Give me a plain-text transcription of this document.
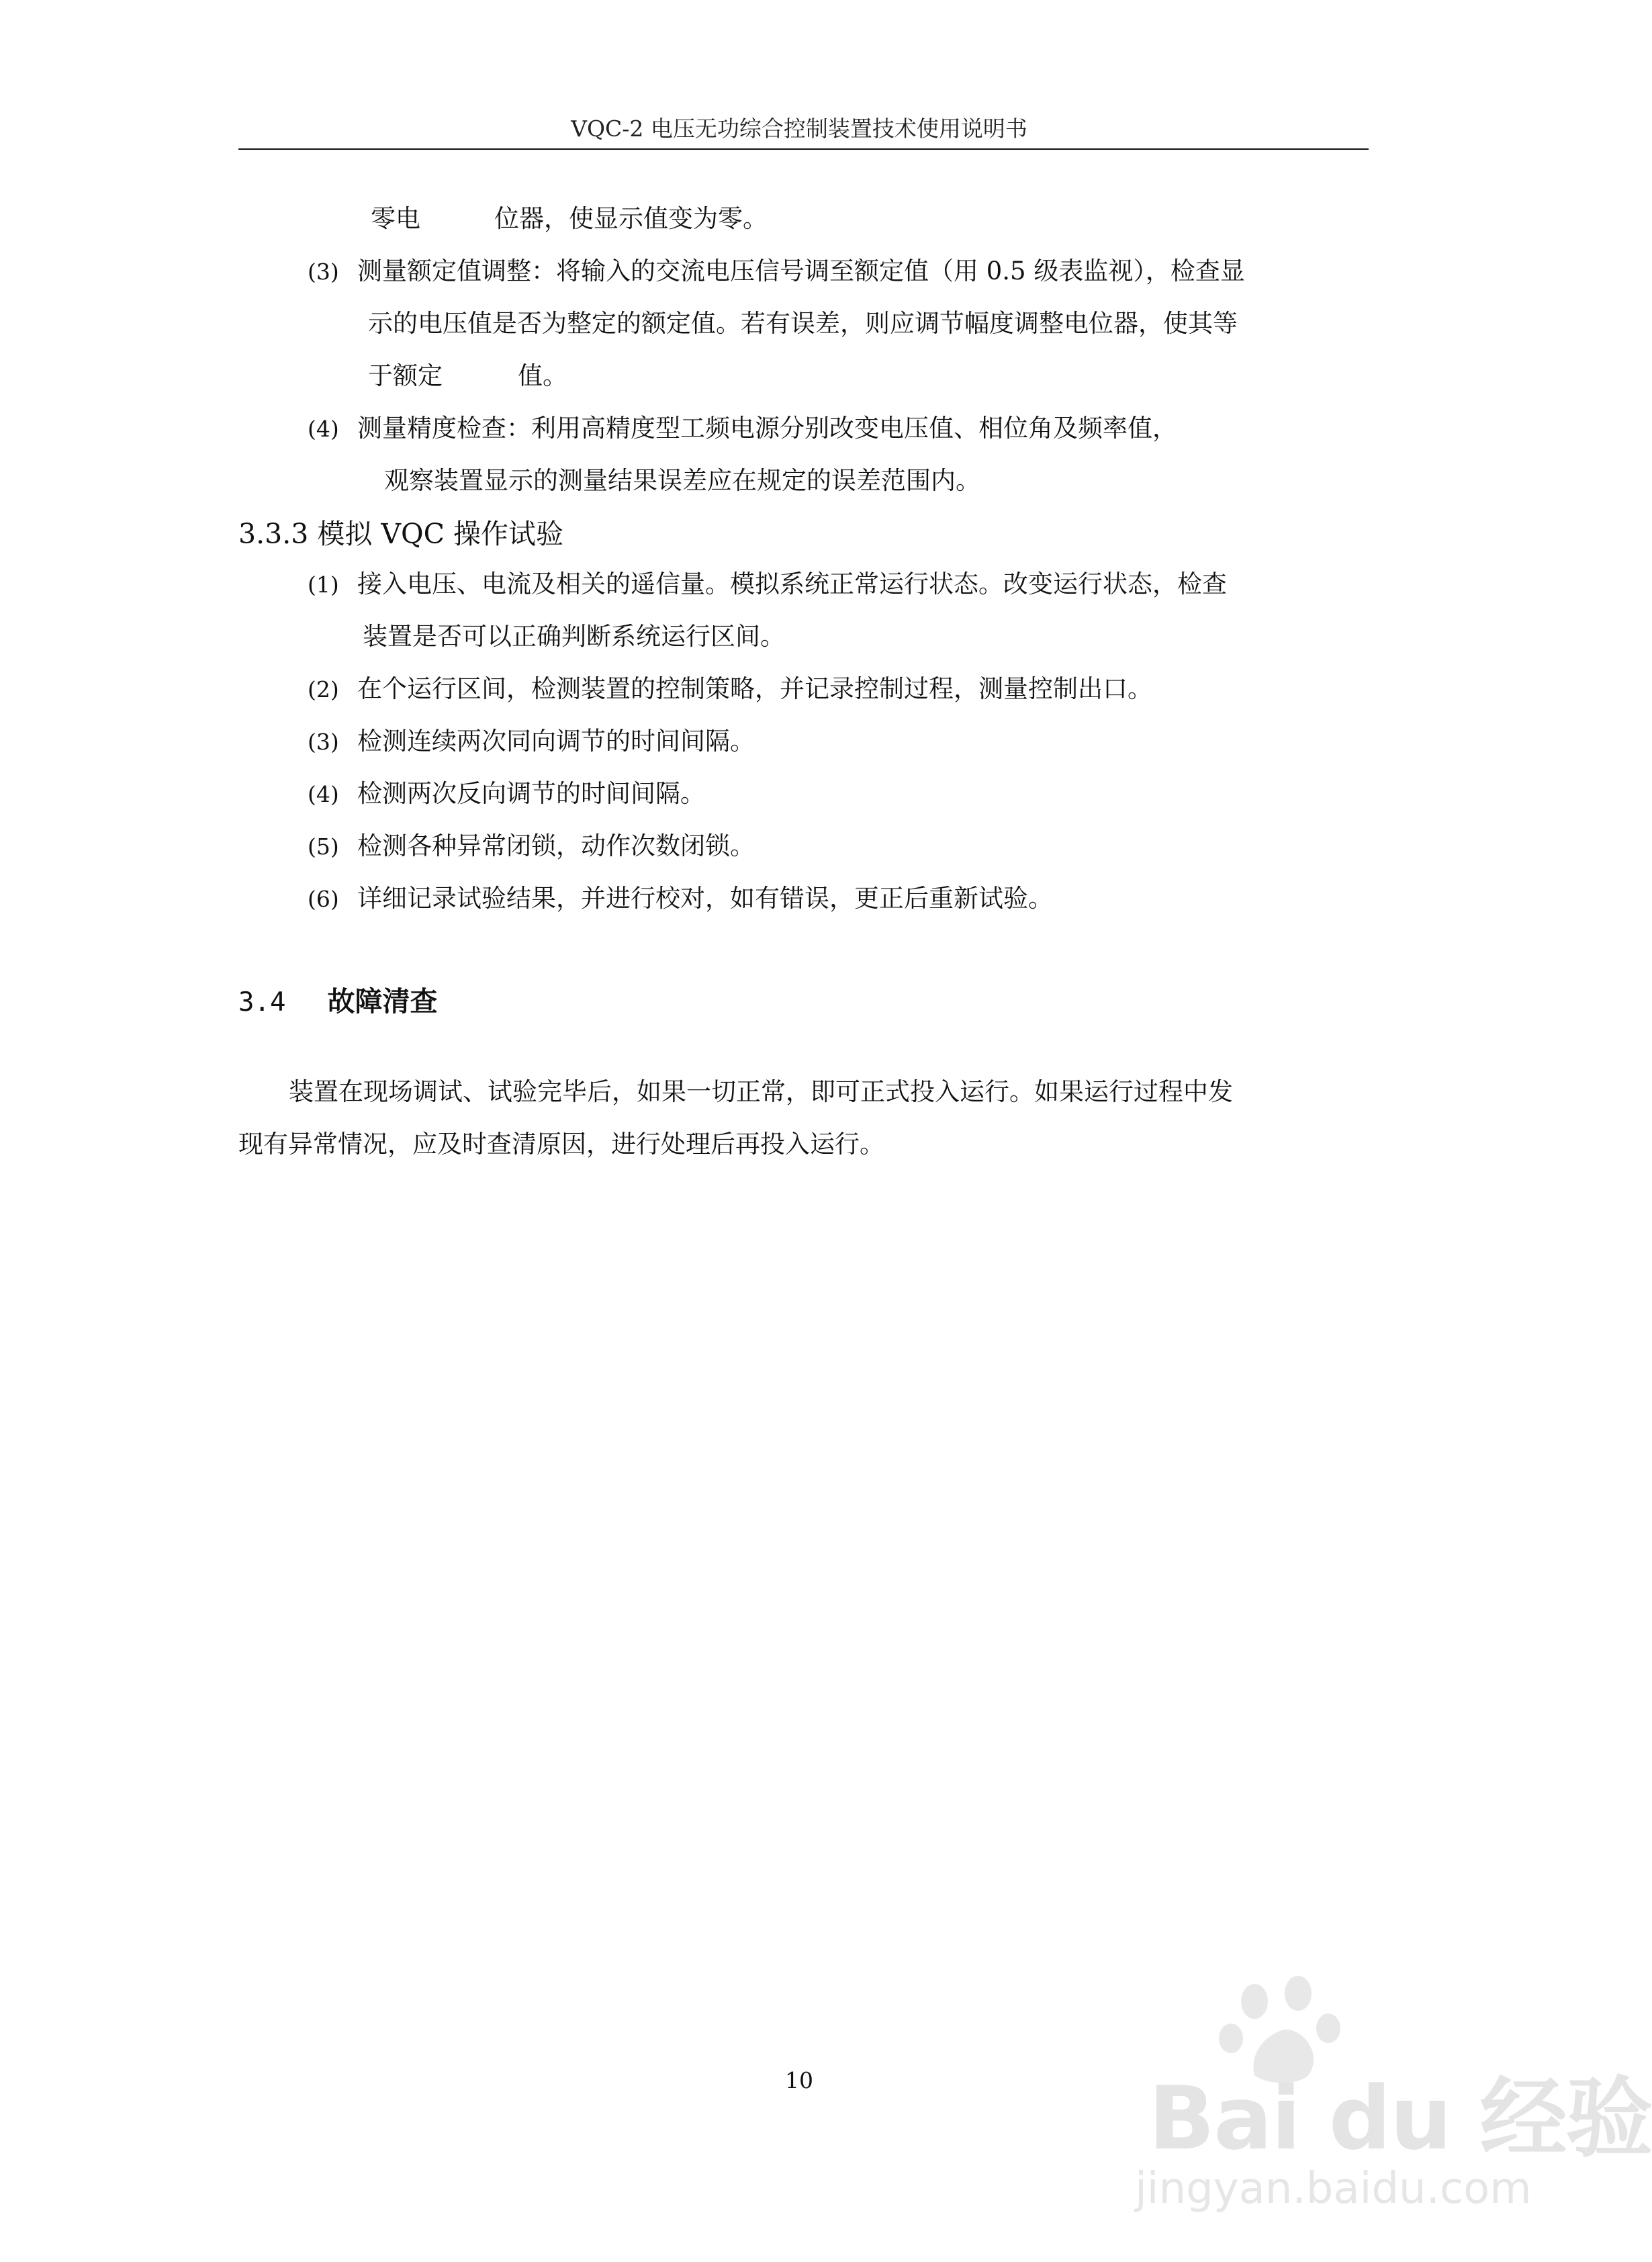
VQC-2 电压无功综合控制装置技术使用说明书
零电	位器，使显示值变为零。
(3) 测量额定值调整：将输入的交流电压信号调至额定值（用 0.5 级表监视），检查显
示的电压值是否为整定的额定值。若有误差，则应调节幅度调整电位器，使其等
于额定	值。
(4) 测量精度检查：利用高精度型工频电源分别改变电压值、相位角及频率值，
观察装置显示的测量结果误差应在规定的误差范围内。
3.3.3 模拟 VQC 操作试验
(1) 接入电压、电流及相关的遥信量。模拟系统正常运行状态。改变运行状态，检查
装置是否可以正确判断系统运行区间。
(2) 在个运行区间，检测装置的控制策略，并记录控制过程，测量控制出口。
(3) 检测连续两次同向调节的时间间隔。
(4) 检测两次反向调节的时间间隔。
(5) 检测各种异常闭锁，动作次数闭锁。
(6) 详细记录试验结果，并进行校对，如有错误，更正后重新试验。
3.4 故障清查
装置在现场调试、试验完毕后，如果一切正常，即可正式投入运行。如果运行过程中发
现有异常情况，应及时查清原因，进行处理后再投入运行。
10	Bai du 经验
jingyan.baidu.com
